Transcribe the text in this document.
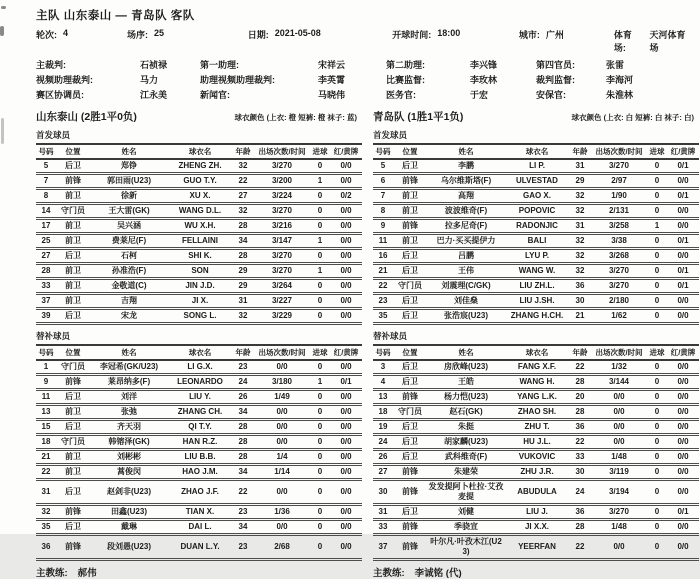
主队 山东泰山 — 青岛队 客队
轮次: 4	场序: 25	日期: 2021-05-08	开球时间: 18:00	城市: 广州	体育场:
天河体育场
主裁判:	石祯禄	第一助理:	宋祥云	第二助理:	李兴锋	第四官员:	张雷
视频助理裁判:	马力	助理视频助理裁判:	李英霄	比赛监督:	李玫林	裁判监督:	李海河
赛区协调员:	江永美	新闻官:	马晓伟	医务官:	于宏	安保官:	朱淮林
山东泰山 (2胜1平0负)	球衣颜色 (上衣: 橙 短裤: 橙 袜子: 蓝)
首发球员
号码	位置	姓名	球衣名	年龄	出场次数/时间	进球	红/黄牌
5	后卫	郑铮	ZHENG ZH.	32	3/270	0	0/0
7	前锋	郭田雨(U23)	GUO T.Y.	22	3/200	1	0/0
8	前卫	徐新	XU X.	27	3/224	0	0/2
14	守门员	王大雷(GK)	WANG D.L.	32	3/270	0	0/0
17	前卫	吴兴涵	WU X.H.	28	3/216	0	0/0
25	前卫	费莱尼(F)	FELLAINI	34	3/147	1	0/0
27	后卫	石柯	SHI K.	28	3/270	0	0/0
28	前卫	孙准浩(F)	SON	29	3/270	1	0/0
33	前卫	金敬道(C)	JIN J.D.	29	3/264	0	0/0
37	前卫	吉翔	JI X.	31	3/227	0	0/0
39	后卫	宋龙	SONG L.	32	3/229	0	0/0
替补球员
号码	位置	姓名	球衣名	年龄	出场次数/时间	进球	红/黄牌
1	守门员	李冠希(GK/U23)	LI G.X.	23	0/0	0	0/0
9	前锋	莱昂纳多(F)	LEONARDO	24	3/180	1	0/1
11	后卫	刘洋	LIU Y.	26	1/49	0	0/0
13	前卫	张弛	ZHANG CH.	34	0/0	0	0/0
15	后卫	齐天羽	QI T.Y.	28	0/0	0	0/0
18	守门员	韩镕泽(GK)	HAN R.Z.	28	0/0	0	0/0
21	前卫	刘彬彬	LIU B.B.	28	1/4	0	0/0
22	前卫	蒿俊闵	HAO J.M.	34	1/14	0	0/0
31	后卫	赵剑非(U23)	ZHAO J.F.	22	0/0	0	0/0
32	前锋	田鑫(U23)	TIAN X.	23	1/36	0	0/0
35	后卫	戴琳	DAI L.	34	0/0	0	0/0
36	前锋	段刘愚(U23)	DUAN L.Y.	23	2/68	0	0/0
主教练: 郝伟
青岛队 (1胜1平1负)	球衣颜色 (上衣: 白 短裤: 白 袜子: 白)
首发球员
号码	位置	姓名	球衣名	年龄	出场次数/时间	进球	红/黄牌
5	后卫	李鹏	LI P.	31	3/270	0	0/1
6	前锋	乌尔维斯塔(F)	ULVESTAD	29	2/97	0	0/0
7	前卫	高翔	GAO X.	32	1/90	0	0/1
8	前卫	波波维奇(F)	POPOVIC	32	2/131	0	0/0
9	前锋	拉多尼奇(F)	RADONJIC	31	3/258	1	0/0
11	前卫	巴力·买买提伊力	BALI	32	3/38	0	0/1
16	后卫	吕鹏	LYU P.	32	3/268	0	0/0
21	后卫	王伟	WANG W.	32	3/270	0	0/1
22	守门员	刘震理(C/GK)	LIU ZH.L.	36	3/270	0	0/1
23	后卫	刘佳燊	LIU J.SH.	30	2/180	0	0/0
35	后卫	张浩宸(U23)	ZHANG H.CH.	21	1/62	0	0/0
替补球员
号码	位置	姓名	球衣名	年龄	出场次数/时间	进球	红/黄牌
3	后卫	房欣峰(U23)	FANG X.F.	22	1/32	0	0/0
4	后卫	王皓	WANG H.	28	3/144	0	0/0
13	前锋	杨力恺(U23)	YANG L.K.	20	0/0	0	0/0
18	守门员	赵石(GK)	ZHAO SH.	28	0/0	0	0/0
19	后卫	朱挺	ZHU T.	36	0/0	0	0/0
24	后卫	胡家麟(U23)	HU J.L.	22	0/0	0	0/0
26	后卫	武科维奇(F)	VUKOVIC	33	1/48	0	0/0
27	前锋	朱建荣	ZHU J.R.	30	3/119	0	0/0
30	前锋	发发提阿卜杜拉·艾孜麦提	ABUDULA	24	3/194	0	0/0
31	后卫	刘健	LIU J.	36	3/270	0	0/1
33	前锋	季骁宣	JI X.X.	28	1/48	0	0/0
37	前锋	叶尔凡·叶孜木江(U23)	YEERFAN	22	0/0	0	0/0
主教练: 李诚铭 (代)
